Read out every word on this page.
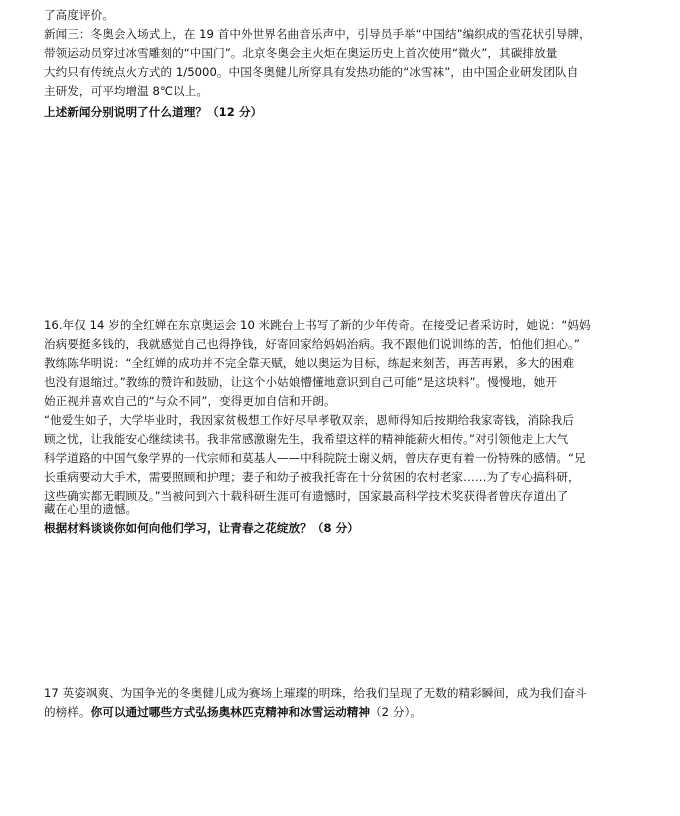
了高度评价。
新闻三：冬奥会入场式上，在 19 首中外世界名曲音乐声中，引导员手举“中国结”编织成的雪花状引导牌，
带领运动员穿过冰雪雕刻的“中国门”。北京冬奥会主火炬在奥运历史上首次使用“微火”，其碳排放量
大约只有传统点火方式的 1/5000。中国冬奥健儿所穿具有发热功能的“冰雪袜”，由中国企业研发团队自
主研发，可平均增温 8℃以上。
上述新闻分别说明了什么道理？（12 分）
16.年仅 14 岁的全红婵在东京奥运会 10 米跳台上书写了新的少年传奇。在接受记者采访时，她说：“妈妈
治病要挺多钱的，我就感觉自己也得挣钱，好寄回家给妈妈治病。我不跟他们说训练的苦，怕他们担心。”
教练陈华明说：“全红婵的成功并不完全靠天赋，她以奥运为目标，练起来刻苦，再苦再累，多大的困难
也没有退缩过。”教练的赞许和鼓励，让这个小姑娘懵懂地意识到自己可能“是这块料”。慢慢地，她开
始正视并喜欢自己的“与众不同”，变得更加自信和开朗。
“他爱生如子，大学毕业时，我因家贫极想工作好尽早孝敬双亲，恩师得知后按期给我家寄钱，消除我后
顾之忧，让我能安心继续读书。我非常感激谢先生，我希望这样的精神能薪火相传。”对引领他走上大气
科学道路的中国气象学界的一代宗师和莫基人——中科院院士谢义炳，曾庆存更有着一份特殊的感情。“兄
长重病要动大手术，需要照顾和护理；妻子和幼子被我托寄在十分贫困的农村老家……为了专心搞科研，
这些确实都无暇顾及。”当被问到六十载科研生涯可有遗憾时，国家最高科学技术奖获得者曾庆存道出了
藏在心里的遗憾。
根据材料谈谈你如何向他们学习，让青春之花绽放？（8 分）
17 英姿飒爽、为国争光的冬奥健儿成为赛场上璀璨的明珠，给我们呈现了无数的精彩瞬间，成为我们奋斗
的榜样。你可以通过哪些方式弘扬奥林匹克精神和冰雪运动精神（2 分）。
